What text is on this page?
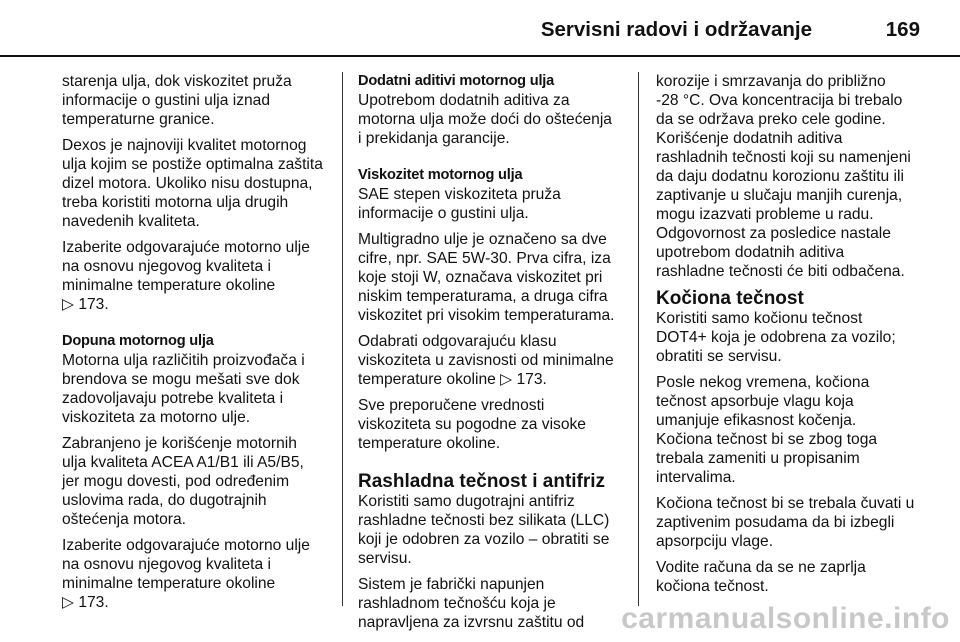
Servisni radovi i održavanje	169

starenja ulja, dok viskozitet pruža
informacije o gustini ulja iznad
temperaturne granice.

Dexos je najnoviji kvalitet motornog
ulja kojim se postiže optimalna zaštita
dizel motora. Ukoliko nisu dostupna,
treba koristiti motorna ulja drugih
navedenih kvaliteta.

Izaberite odgovarajuće motorno ulje
na osnovu njegovog kvaliteta i
minimalne temperature okoline
▷ 173.

Dopuna motornog ulja

Motorna ulja različitih proizvođača i
brendova se mogu mešati sve dok
zadovoljavaju potrebe kvaliteta i
viskoziteta za motorno ulje.

Zabranjeno je korišćenje motornih
ulja kvaliteta ACEA A1/B1 ili A5/B5,
jer mogu dovesti, pod određenim
uslovima rada, do dugotrajnih
oštećenja motora.

Izaberite odgovarajuće motorno ulje
na osnovu njegovog kvaliteta i
minimalne temperature okoline
▷ 173.

Dodatni aditivi motornog ulja

Upotrebom dodatnih aditiva za
motorna ulja može doći do oštećenja
i prekidanja garancije.

Viskozitet motornog ulja

SAE stepen viskoziteta pruža
informacije o gustini ulja.

Multigradno ulje je označeno sa dve
cifre, npr. SAE 5W-30. Prva cifra, iza
koje stoji W, označava viskozitet pri
niskim temperaturama, a druga cifra
viskozitet pri visokim temperaturama.

Odabrati odgovarajuću klasu
viskoziteta u zavisnosti od minimalne
temperature okoline ▷ 173.

Sve preporučene vrednosti
viskoziteta su pogodne za visoke
temperature okoline.

Rashladna tečnost i antifriz

Koristiti samo dugotrajni antifriz
rashladne tečnosti bez silikata (LLC)
koji je odobren za vozilo – obratiti se
servisu.

Sistem je fabrički napunjen
rashladnom tečnošću koja je
napravljena za izvrsnu zaštitu od

korozije i smrzavanja do približno
-28 °C. Ova koncentracija bi trebalo
da se održava preko cele godine.
Korišćenje dodatnih aditiva
rashladnih tečnosti koji su namenjeni
da daju dodatnu korozionu zaštitu ili
zaptivanje u slučaju manjih curenja,
mogu izazvati probleme u radu.
Odgovornost za posledice nastale
upotrebom dodatnih aditiva
rashladne tečnosti će biti odbačena.

Kočiona tečnost

Koristiti samo kočionu tečnost
DOT4+ koja je odobrena za vozilo;
obratiti se servisu.

Posle nekog vremena, kočiona
tečnost apsorbuje vlagu koja
umanjuje efikasnost kočenja.
Kočiona tečnost bi se zbog toga
trebala zameniti u propisanim
intervalima.

Kočiona tečnost bi se trebala čuvati u
zaptivenim posudama da bi izbegli
apsorpciju vlage.

Vodite računa da se ne zaprlja
kočiona tečnost.

carmanualsonline.info
